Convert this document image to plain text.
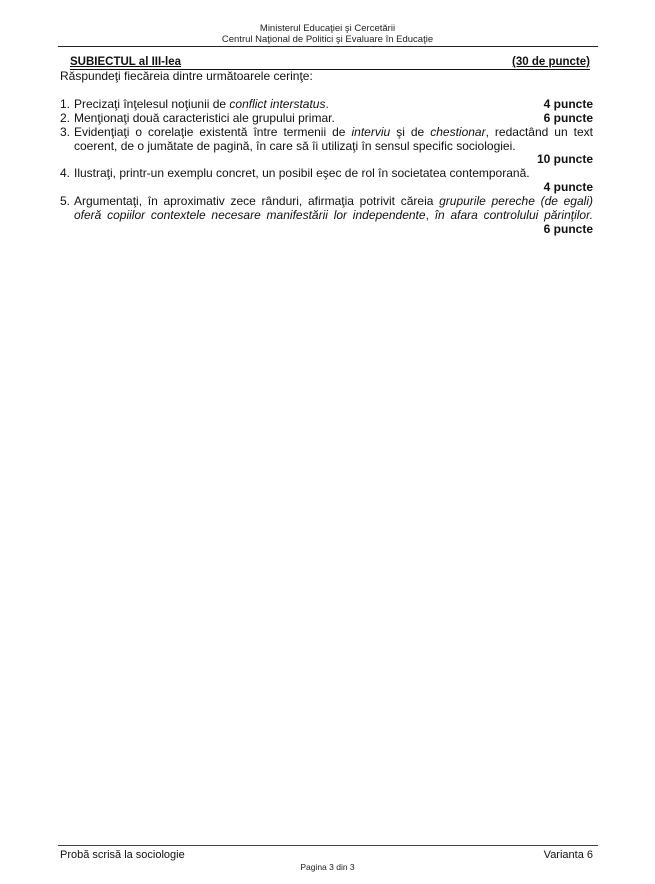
Ministerul Educaţiei şi Cercetării
Centrul Naţional de Politici şi Evaluare în Educaţie
SUBIECTUL al III-lea	(30 de puncte)
Răspundeţi fiecăreia dintre următoarele cerinţe:
1. Precizaţi înţelesul noţiunii de conflict interstatus.	4 puncte
2. Menţionaţi două caracteristici ale grupului primar.	6 puncte
3. Evidenţiaţi o corelaţie existentă între termenii de interviu şi de chestionar, redactând un text
coerent, de o jumătate de pagină, în care să îi utilizaţi în sensul specific sociologiei.
10 puncte
4. Ilustraţi, printr-un exemplu concret, un posibil eşec de rol în societatea contemporană.
4 puncte
5. Argumentaţi, în aproximativ zece rânduri, afirmaţia potrivit căreia grupurile pereche (de egali)
oferă copiilor contextele necesare manifestării lor independente, în afara controlului părinţilor.
6 puncte
Probă scrisă la sociologie	Varianta 6
Pagina 3 din 3
